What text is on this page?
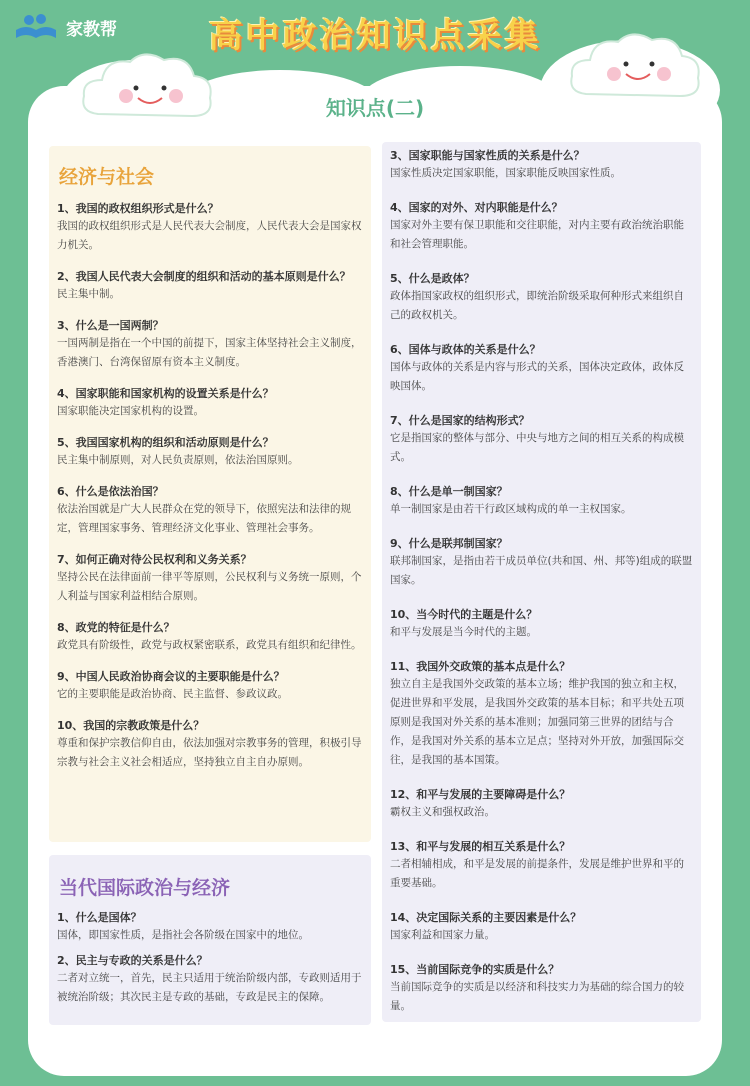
家教帮	高中政治知识点采集
知识点(二)
经济与社会
1、我国的政权组织形式是什么？
我国的政权组织形式是人民代表大会制度，人民代表大会是国家权力机关。
2、我国人民代表大会制度的组织和活动的基本原则是什么？
民主集中制。
3、什么是一国两制？
一国两制是指在一个中国的前提下，国家主体坚持社会主义制度，香港澳门、台湾保留原有资本主义制度。
4、国家职能和国家机构的设置关系是什么？
国家职能决定国家机构的设置。
5、我国国家机构的组织和活动原则是什么？
民主集中制原则，对人民负责原则，依法治国原则。
6、什么是依法治国？
依法治国就是广大人民群众在党的领导下，依照宪法和法律的规定，管理国家事务、管理经济文化事业、管理社会事务。
7、如何正确对待公民权利和义务关系？
坚持公民在法律面前一律平等原则，公民权利与义务统一原则，个人利益与国家利益相结合原则。
8、政党的特征是什么？
政党具有阶级性，政党与政权紧密联系，政党具有组织和纪律性。
9、中国人民政治协商会议的主要职能是什么？
它的主要职能是政治协商、民主监督、参政议政。
10、我国的宗教政策是什么？
尊重和保护宗教信仰自由，依法加强对宗教事务的管理，积极引导宗教与社会主义社会相适应，坚持独立自主自办原则。
当代国际政治与经济
1、什么是国体？
国体，即国家性质，是指社会各阶级在国家中的地位。
2、民主与专政的关系是什么？
二者对立统一，首先，民主只适用于统治阶级内部，专政则适用于被统治阶级；其次民主是专政的基础，专政是民主的保障。
3、国家职能与国家性质的关系是什么？
国家性质决定国家职能，国家职能反映国家性质。
4、国家的对外、对内职能是什么？
国家对外主要有保卫职能和交往职能，对内主要有政治统治职能和社会管理职能。
5、什么是政体？
政体指国家政权的组织形式，即统治阶级采取何种形式来组织自己的政权机关。
6、国体与政体的关系是什么？
国体与政体的关系是内容与形式的关系，国体决定政体，政体反映国体。
7、什么是国家的结构形式？
它是指国家的整体与部分、中央与地方之间的相互关系的构成模式。
8、什么是单一制国家？
单一制国家是由若干行政区域构成的单一主权国家。
9、什么是联邦制国家？
联邦制国家，是指由若干成员单位(共和国、州、邦等)组成的联盟国家。
10、当今时代的主题是什么？
和平与发展是当今时代的主题。
11、我国外交政策的基本点是什么？
独立自主是我国外交政策的基本立场；维护我国的独立和主权，促进世界和平发展，是我国外交政策的基本目标；和平共处五项原则是我国对外关系的基本准则；加强同第三世界的团结与合作，是我国对外关系的基本立足点；坚持对外开放，加强国际交往，是我国的基本国策。
12、和平与发展的主要障碍是什么？
霸权主义和强权政治。
13、和平与发展的相互关系是什么？
二者相辅相成，和平是发展的前提条件，发展是维护世界和平的重要基础。
14、决定国际关系的主要因素是什么？
国家利益和国家力量。
15、当前国际竞争的实质是什么？
当前国际竞争的实质是以经济和科技实力为基础的综合国力的较量。
